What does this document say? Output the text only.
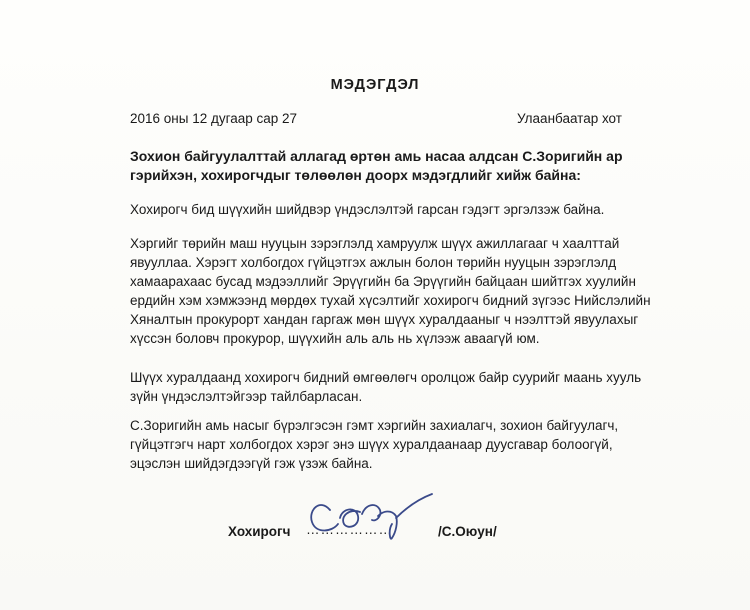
МЭДЭГДЭЛ
2016 оны 12 дугаар сар 27	Улаанбаатар хот
Зохион байгуулалттай аллагад өртөн амь насаа алдсан С.Зоригийн ар гэрийхэн, хохирогчдыг төлөөлөн доорх мэдэгдлийг хийж байна:
Хохирогч бид шүүхийн шийдвэр үндэслэлтэй гарсан гэдэгт эргэлзэж байна.
Хэргийг төрийн маш нууцын зэрэглэлд хамруулж шүүх ажиллагааг ч хаалттай явууллаа. Хэрэгт холбогдох гүйцэтгэх ажлын болон төрийн нууцын зэрэглэлд хамаарахаас бусад мэдээллийг Эрүүгийн ба Эрүүгийн байцаан шийтгэх хуулийн ердийн хэм хэмжээнд мөрдөх тухай хүсэлтийг хохирогч бидний зүгээс Нийслэлийн Хяналтын прокурорт хандан гаргаж мөн шүүх хуралдааныг ч нээлттэй явуулахыг хүссэн боловч прокурор, шүүхийн аль аль нь хүлээж аваагүй юм.
Шүүх хуралдаанд хохирогч бидний өмгөөлөгч оролцож байр суурийг маань хууль зүйн үндэслэлтэйгээр тайлбарласан.
С.Зоригийн амь насыг бүрэлгэсэн гэмт хэргийн захиалагч, зохион байгуулагч, гүйцэтгэгч нарт холбогдох хэрэг энэ шүүх хуралдаанаар дуусгавар болоогүй, эцэслэн шийдэгдээгүй гэж үзэж байна.
Хохирогч ………………	/С.Оюун/
